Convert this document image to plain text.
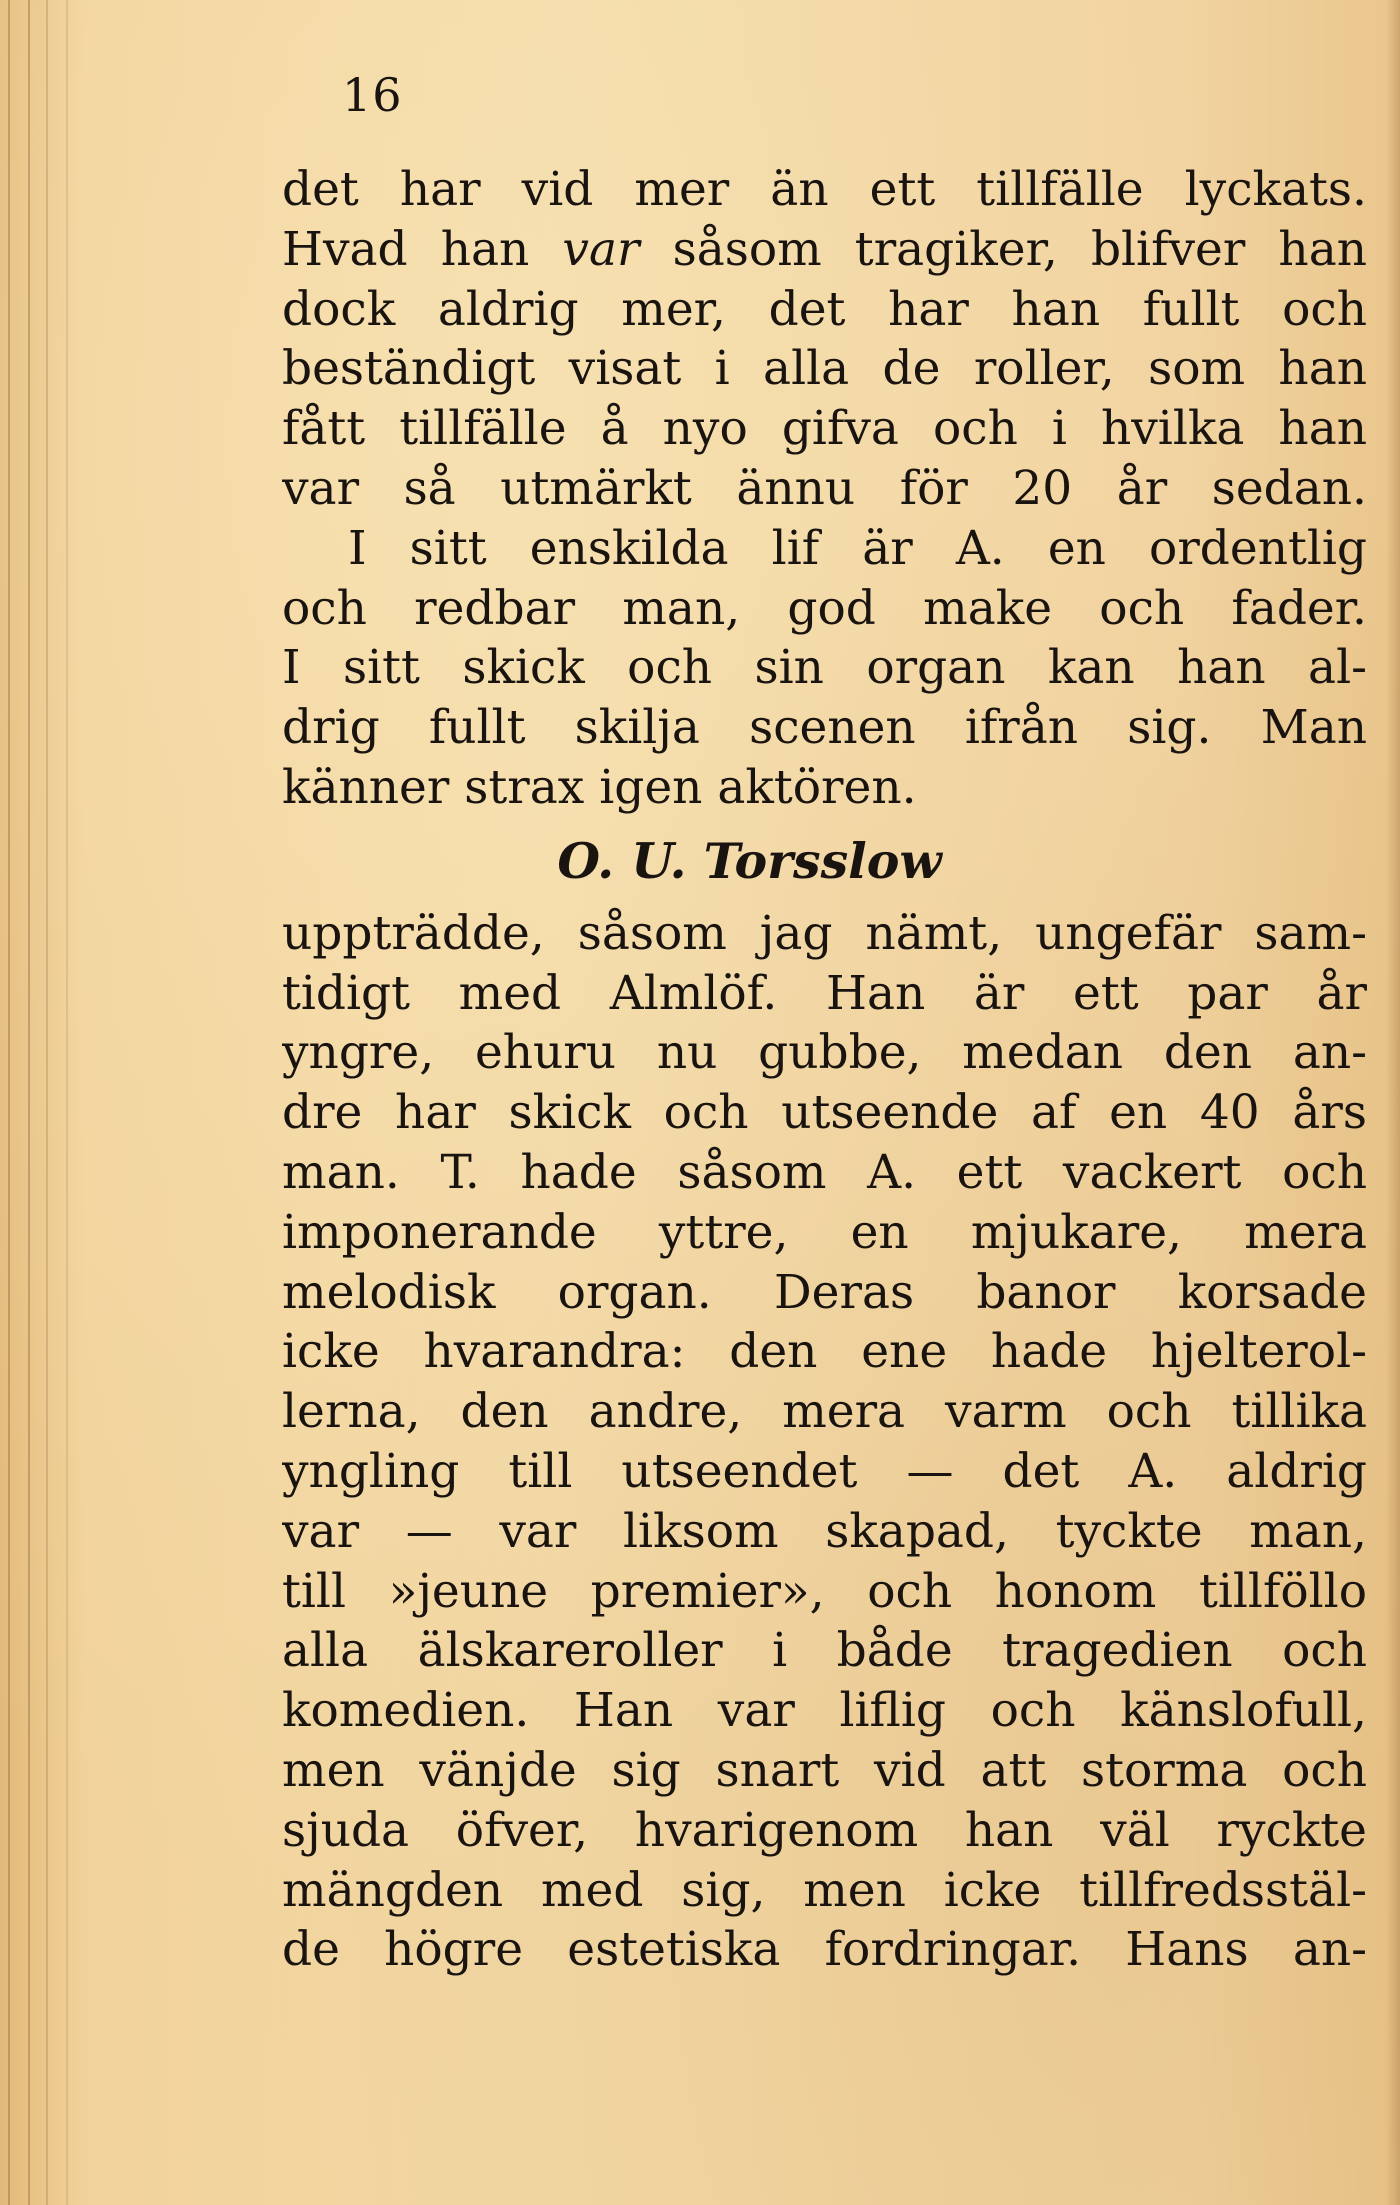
16
det har vid mer än ett tillfälle lyckats.
Hvad han var såsom tragiker, blifver han
dock aldrig mer, det har han fullt och
beständigt visat i alla de roller, som han
fått tillfälle å nyo gifva och i hvilka han
var så utmärkt ännu för 20 år sedan.
I sitt enskilda lif är A. en ordentlig
och redbar man, god make och fader.
I sitt skick och sin organ kan han al-
drig fullt skilja scenen ifrån sig. Man
känner strax igen aktören.
O. U. Torsslow
uppträdde, såsom jag nämt, ungefär sam-
tidigt med Almlöf. Han är ett par år
yngre, ehuru nu gubbe, medan den an-
dre har skick och utseende af en 40 års
man. T. hade såsom A. ett vackert och
imponerande yttre, en mjukare, mera
melodisk organ. Deras banor korsade
icke hvarandra: den ene hade hjelterol-
lerna, den andre, mera varm och tillika
yngling till utseendet — det A. aldrig
var — var liksom skapad, tyckte man,
till »jeune premier», och honom tillföllo
alla älskareroller i både tragedien och
komedien. Han var liflig och känslofull,
men vänjde sig snart vid att storma och
sjuda öfver, hvarigenom han väl ryckte
mängden med sig, men icke tillfredsstäl-
de högre estetiska fordringar. Hans an-
